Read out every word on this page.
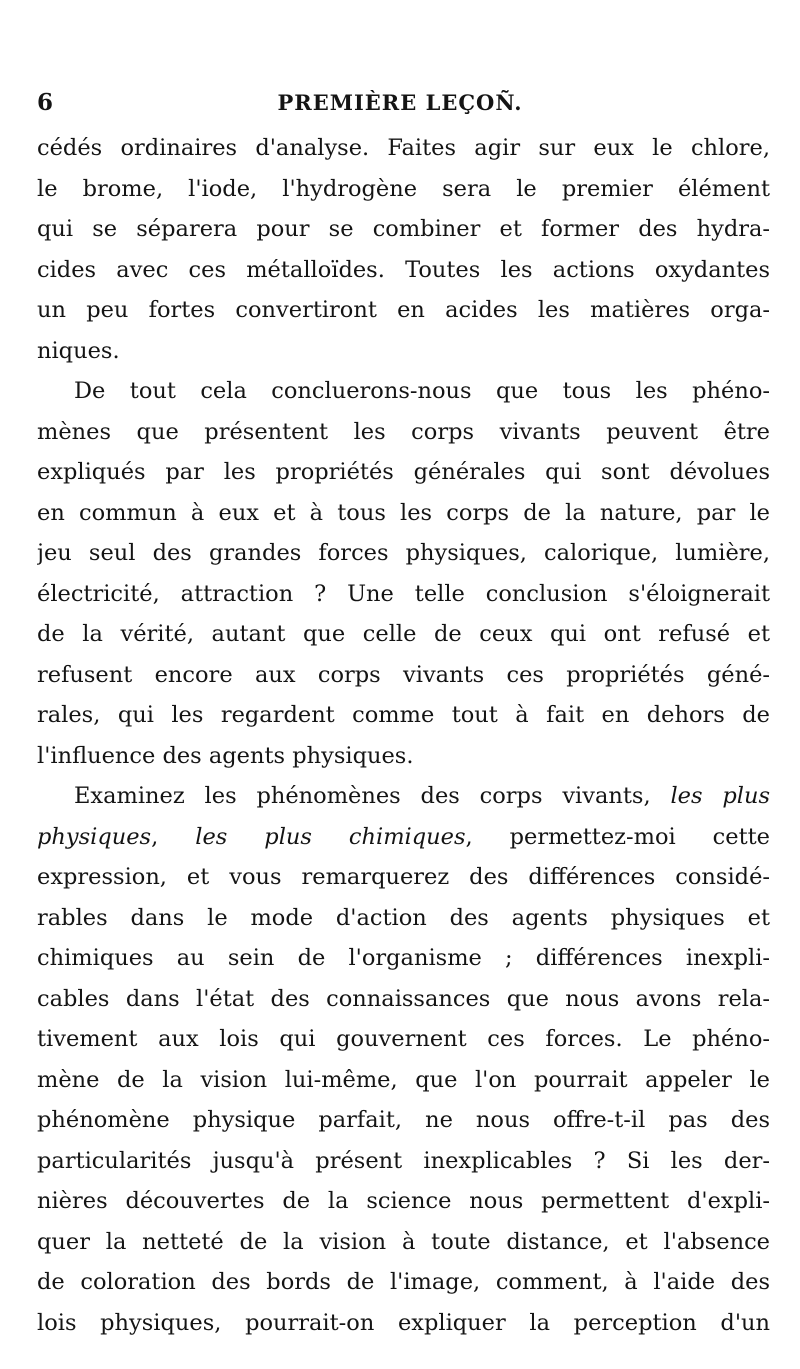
6	PREMIÈRE LEÇOÑ.
cédés ordinaires d'analyse. Faites agir sur eux le chlore,
le brome, l'iode, l'hydrogène sera le premier élément
qui se séparera pour se combiner et former des hydra-
cides avec ces métalloïdes. Toutes les actions oxydantes
un peu fortes convertiront en acides les matières orga-
niques.
De tout cela concluerons-nous que tous les phéno-
mènes que présentent les corps vivants peuvent être
expliqués par les propriétés générales qui sont dévolues
en commun à eux et à tous les corps de la nature, par le
jeu seul des grandes forces physiques, calorique, lumière,
électricité, attraction ? Une telle conclusion s'éloignerait
de la vérité, autant que celle de ceux qui ont refusé et
refusent encore aux corps vivants ces propriétés géné-
rales, qui les regardent comme tout à fait en dehors de
l'influence des agents physiques.
Examinez les phénomènes des corps vivants, les plus
physiques, les plus chimiques, permettez-moi cette
expression, et vous remarquerez des différences considé-
rables dans le mode d'action des agents physiques et
chimiques au sein de l'organisme ; différences inexpli-
cables dans l'état des connaissances que nous avons rela-
tivement aux lois qui gouvernent ces forces. Le phéno-
mène de la vision lui-même, que l'on pourrait appeler le
phénomène physique parfait, ne nous offre-t-il pas des
particularités jusqu'à présent inexplicables ? Si les der-
nières découvertes de la science nous permettent d'expli-
quer la netteté de la vision à toute distance, et l'absence
de coloration des bords de l'image, comment, à l'aide des
lois physiques, pourrait-on expliquer la perception d'un
